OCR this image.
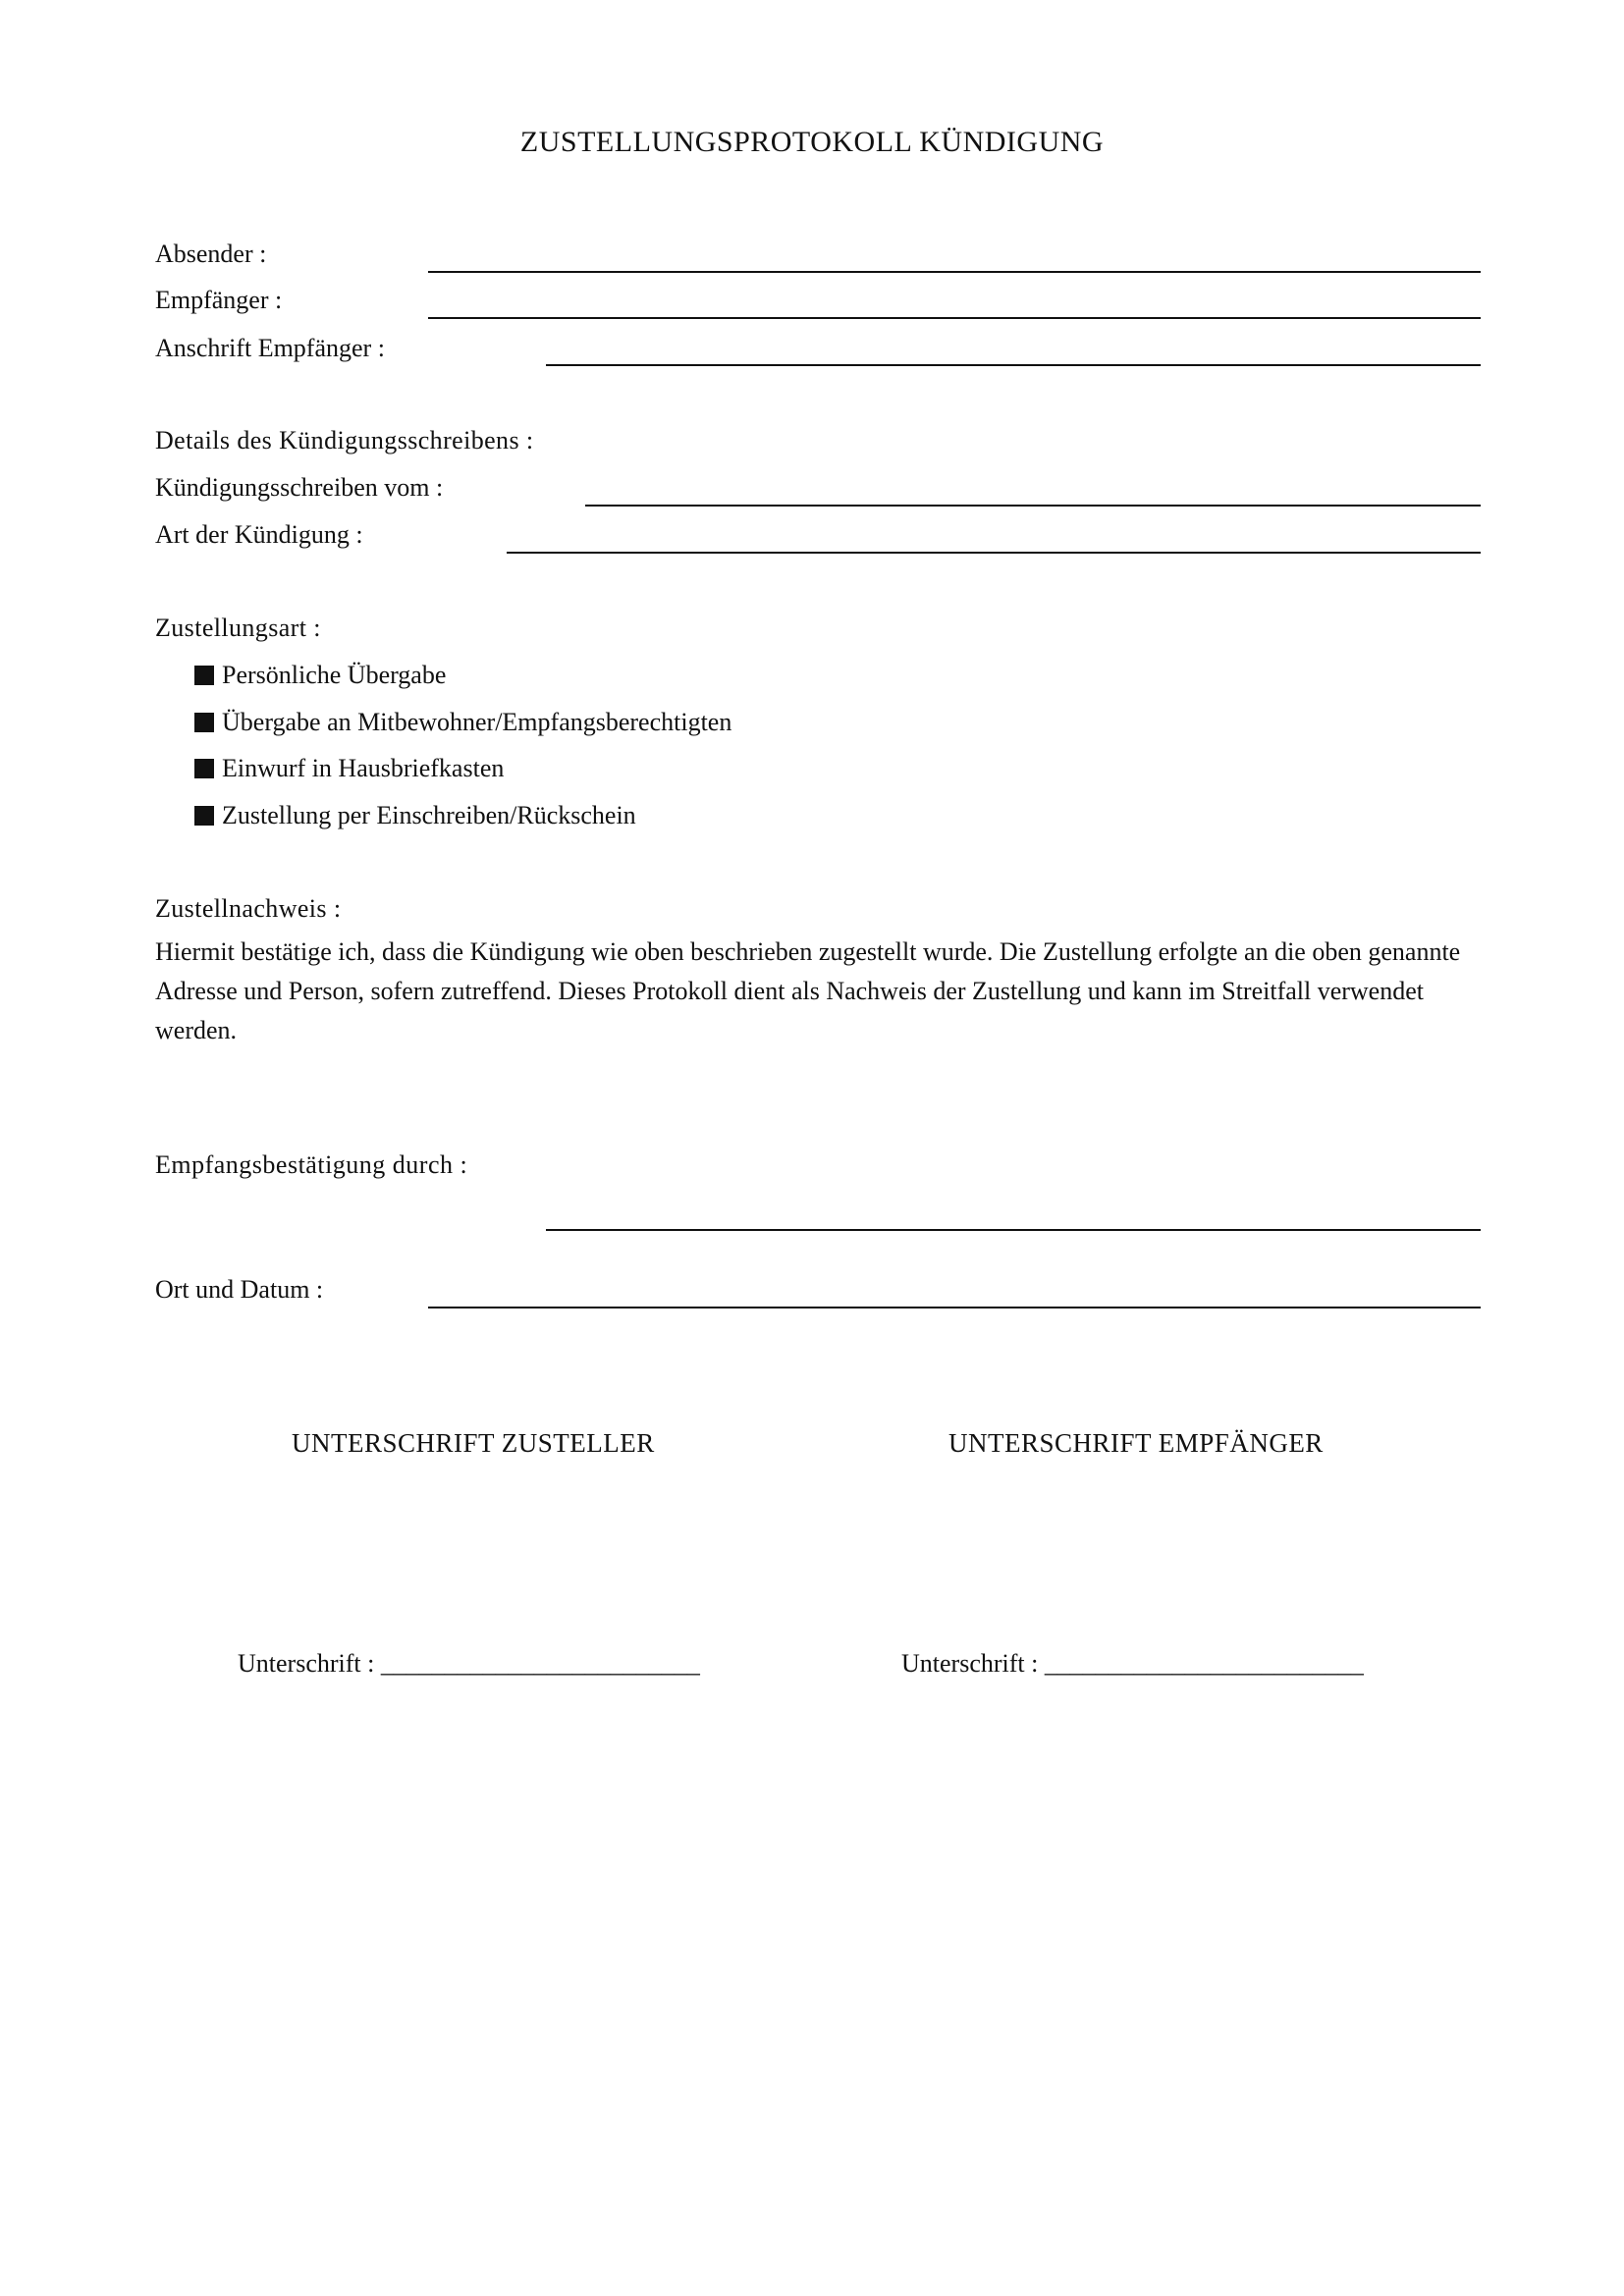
ZUSTELLUNGSPROTOKOLL KÜNDIGUNG
Absender :
Empfänger :
Anschrift Empfänger :
Details des Kündigungsschreibens :
Kündigungsschreiben vom :
Art der Kündigung :
Zustellungsart :
Persönliche Übergabe
Übergabe an Mitbewohner/Empfangsberechtigten
Einwurf in Hausbriefkasten
Zustellung per Einschreiben/Rückschein
Zustellnachweis :
Hiermit bestätige ich, dass die Kündigung wie oben beschrieben zugestellt wurde. Die Zustellung erfolgte an die oben genannte Adresse und Person, sofern zutreffend. Dieses Protokoll dient als Nachweis der Zustellung und kann im Streitfall verwendet werden.
Empfangsbestätigung durch :
Ort und Datum :
UNTERSCHRIFT ZUSTELLER	UNTERSCHRIFT EMPFÄNGER
Unterschrift : _________________________	Unterschrift : _________________________
